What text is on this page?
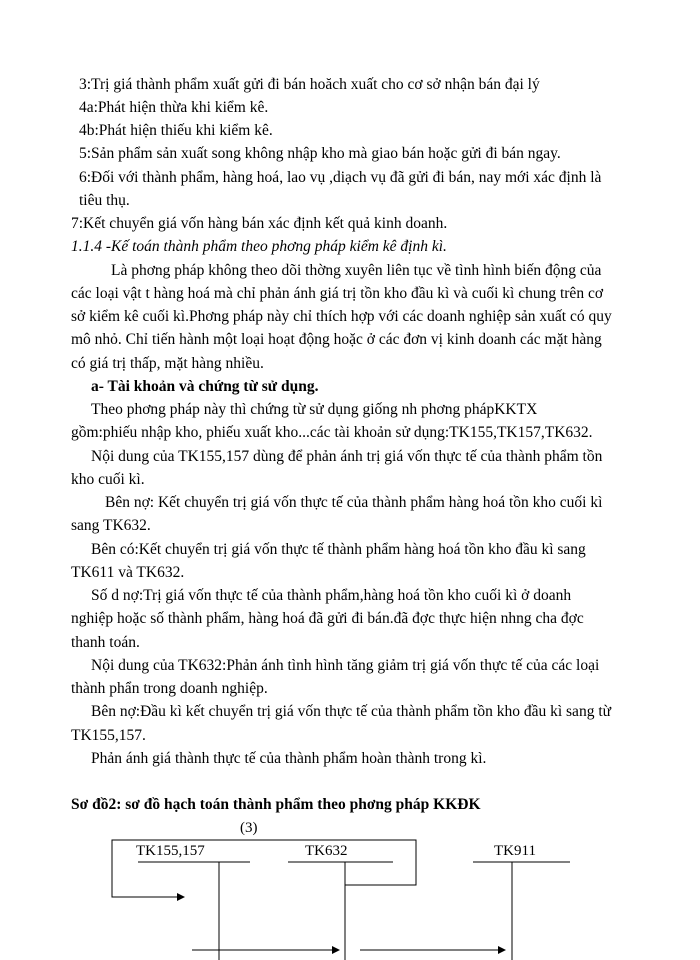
3:Trị giá thành phẩm xuất gửi đi bán hoăch xuất cho cơ sở nhận bán đại lý
4a:Phát hiện thừa khi kiểm kê.
4b:Phát hiện thiếu khi kiểm kê.
5:Sản phẩm sản xuất song không nhập kho mà giao bán hoặc gửi đi bán ngay.
6:Đối với thành phẩm, hàng hoá, lao vụ ,diạch vụ đã gửi đi bán, nay mới xác định là
tiêu thụ.
7:Kết chuyển giá vốn hàng bán xác định kết quả kinh doanh.
1.1.4 -Kế toán thành phẩm theo phơng pháp kiểm kê định kì.
Là phơng pháp không theo dõi thờng xuyên liên tục về tình hình biến động của
các loại vật t hàng hoá mà chỉ phản ánh giá trị tồn kho đầu kì và cuối kì chung trên cơ
sở kiểm kê cuối kì.Phơng pháp này chỉ thích hợp với các doanh nghiệp sản xuất có quy
mô nhỏ. Chỉ tiến hành một loại hoạt động hoặc ở các đơn vị kinh doanh các mặt hàng
có giá trị thấp, mặt hàng nhiều.
a- Tài khoản và chứng từ sử dụng.
Theo phơng pháp này thì chứng từ sử dụng giống nh phơng phápKKTX
gồm:phiếu nhập kho, phiếu xuất kho...các tài khoản sử dụng:TK155,TK157,TK632.
Nội dung của TK155,157 dùng để phản ánh trị giá vốn thực tế của thành phẩm tồn
kho cuối kì.
Bên nợ: Kết chuyển trị giá vốn thực tế của thành phẩm hàng hoá tồn kho cuối kì
sang TK632.
Bên có:Kết chuyển trị giá vốn thực tế thành phẩm hàng hoá tồn kho đầu kì sang
TK611 và TK632.
Số d nợ:Trị giá vốn thực tế của thành phẩm,hàng hoá tồn kho cuối kì ở doanh
nghiệp hoặc số thành phẩm, hàng hoá đã gửi đi bán.đã đợc thực hiện nhng cha đợc
thanh toán.
Nội dung của TK632:Phản ánh tình hình tăng giảm trị giá vốn thực tế của các loại
thành phẩn trong doanh nghiệp.
Bên nợ:Đầu kì kết chuyển trị giá vốn thực tế của thành phẩm tồn kho đầu kì sang từ
TK155,157.
Phản ánh giá thành thực tế của thành phẩm hoàn thành trong kì.
Sơ đồ2: sơ đồ hạch toán thành phẩm theo phơng pháp KKĐK
(3)
TK155,157	TK632	TK911
